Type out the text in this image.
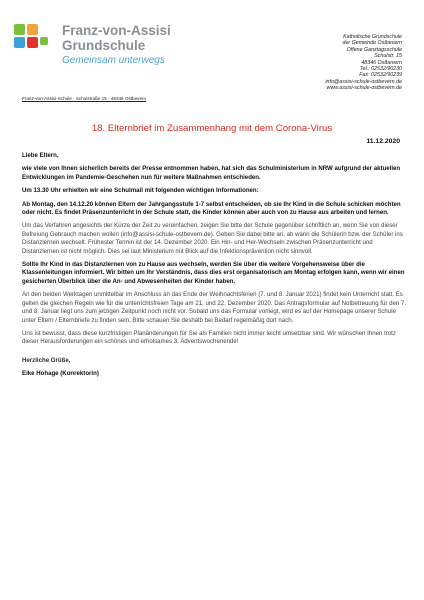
Franz-von-Assisi
Grundschule
Gemeinsam unterwegs
Katholische Grundschule
der Gemeinde Ostbevern
Offene Ganztagsschule
Schulstr. 15
48346 Ostbevern
Tel.: 02532/90230
Fax: 02532/90239
info@assisi-schule-ostbevern.de
www.assisi-schule-ostbevern.de
Franz-von-Assisi-Schule · Schulstraße 15 · 48346 Ostbevern
18. Elternbrief im Zusammenhang mit dem Corona-Virus
11.12.2020

Liebe Eltern,

wie viele von Ihnen sicherlich bereits der Presse entnommen haben, hat sich das Schulministerium in NRW aufgrund der aktuellen Entwicklungen im Pandemie-Geschehen nun für weitere Maßnahmen entschieden.

Um 13.30 Uhr erhielten wir eine Schulmail mit folgenden wichtigen Informationen:

Ab Montag, den 14.12.20 können Eltern der Jahrgangsstufe 1-7 selbst entscheiden, ob sie Ihr Kind in die Schule schicken möchten oder nicht. Es findet Präsenzunterricht in der Schule statt, die Kinder können aber auch von zu Hause aus arbeiten und lernen.

Um das Verfahren angesichts der Kürze der Zeit zu vereinfachen, zeigen Sie bitte der Schule gegenüber schriftlich an, wenn Sie von dieser Befreiung Gebrauch machen wollen (info@assisi-schule-ostbevern.de). Geben Sie dabei bitte an, ab wann die Schülerin bzw. der Schüler ins Distanzlernen wechselt. Frühester Termin ist der 14. Dezember 2020. Ein Hin- und Her-Wechseln zwischen Präsenzunterricht und Distanzlernen ist nicht möglich. Dies sei laut Ministerium mit Blick auf die Infektionsprävention nicht sinnvoll.

Sollte Ihr Kind in das Distanzlernen von zu Hause aus wechseln, werden Sie über die weitere Vorgehensweise über die Klassenleitungen informiert. Wir bitten um Ihr Verständnis, dass dies erst organisatorisch am Montag erfolgen kann, wenn wir einen gesicherten Überblick über die An- und Abwesenheiten der Kinder haben.

An den beiden Werktagen unmittelbar im Anschluss an das Ende der Weihnachtsferien (7. und 8. Januar 2021) findet kein Unterricht statt. Es gelten die gleichen Regeln wie für die unterrichtsfreien Tage am 21. und 22. Dezember 2020. Das Antragsformular auf Notbetreuung für den 7. und 8. Januar liegt uns zum jetzigen Zeitpunkt noch nicht vor. Sobald uns das Formular vorliegt, wird es auf der Homepage unserer Schule unter Eltern / Elternbriefe zu finden sein. Bitte schauen Sie deshalb bei Bedarf regelmäßig dort nach.

Uns ist bewusst, dass diese kurzfristigen Planänderungen für Sie als Familien nicht immer leicht umsetzbar sind. Wir wünschen Ihnen trotz dieser Herausforderungen ein schönes und erholsames 3. Adventswochenende!

Herzliche Grüße,

Eike Hohage (Konrektorin)
